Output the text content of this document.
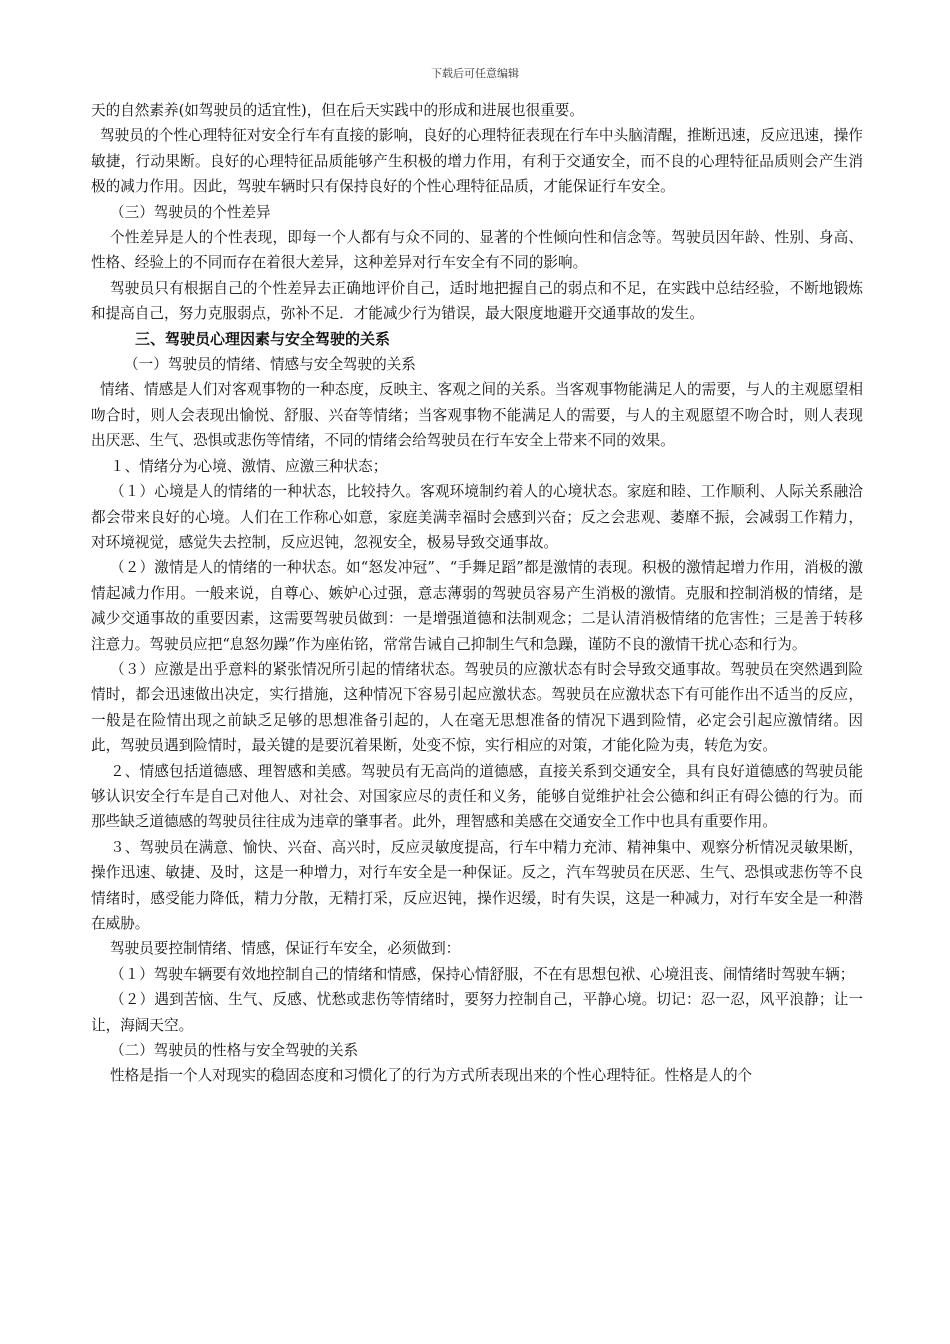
下载后可任意编辑

天的自然素养(如驾驶员的适宜性)，但在后天实践中的形成和进展也很重要。

驾驶员的个性心理特征对安全行车有直接的影响，良好的心理特征表现在行车中头脑清醒，推断迅速，反应迅速，操作敏捷，行动果断。良好的心理特征品质能够产生积极的增力作用，有利于交通安全，而不良的心理特征品质则会产生消极的减力作用。因此，驾驶车辆时只有保持良好的个性心理特征品质，才能保证行车安全。

（三）驾驶员的个性差异

个性差异是人的个性表现，即每一个人都有与众不同的、显著的个性倾向性和信念等。驾驶员因年龄、性别、身高、性格、经验上的不同而存在着很大差异，这种差异对行车安全有不同的影响。

驾驶员只有根据自己的个性差异去正确地评价自己，适时地把握自己的弱点和不足，在实践中总结经验，不断地锻炼和提高自己，努力克服弱点，弥补不足．才能减少行为错误，最大限度地避开交通事故的发生。

三、驾驶员心理因素与安全驾驶的关系

（一）驾驶员的情绪、情感与安全驾驶的关系

情绪、情感是人们对客观事物的一种态度，反映主、客观之间的关系。当客观事物能满足人的需要，与人的主观愿望相吻合时，则人会表现出愉悦、舒服、兴奋等情绪；当客观事物不能满足人的需要，与人的主观愿望不吻合时，则人表现出厌恶、生气、恐惧或悲伤等情绪，不同的情绪会给驾驶员在行车安全上带来不同的效果。

１、情绪分为心境、激情、应激三种状态；

（１）心境是人的情绪的一种状态，比较持久。客观环境制约着人的心境状态。家庭和睦、工作顺利、人际关系融洽都会带来良好的心境。人们在工作称心如意，家庭美满幸福时会感到兴奋；反之会悲观、萎靡不振，会减弱工作精力，对环境视觉，感觉失去控制，反应迟钝，忽视安全，极易导致交通事故。

（２）激情是人的情绪的一种状态。如“怒发冲冠”、“手舞足蹈”都是激情的表现。积极的激情起增力作用，消极的激情起减力作用。一般来说，自尊心、嫉妒心过强，意志薄弱的驾驶员容易产生消极的激情。克服和控制消极的情绪，是减少交通事故的重要因素，这需要驾驶员做到：一是增强道德和法制观念；二是认清消极情绪的危害性；三是善于转移注意力。驾驶员应把“息怒勿躁”作为座佑铭，常常告诫自己抑制生气和急躁，谨防不良的激情干扰心态和行为。

（３）应激是出乎意料的紧张情况所引起的情绪状态。驾驶员的应激状态有时会导致交通事故。驾驶员在突然遇到险情时，都会迅速做出决定，实行措施，这种情况下容易引起应激状态。驾驶员在应激状态下有可能作出不适当的反应，一般是在险情出现之前缺乏足够的思想准备引起的，人在毫无思想准备的情况下遇到险情，必定会引起应激情绪。因此，驾驶员遇到险情时，最关键的是要沉着果断，处变不惊，实行相应的对策，才能化险为夷，转危为安。

２、情感包括道德感、理智感和美感。驾驶员有无高尚的道德感，直接关系到交通安全，具有良好道德感的驾驶员能够认识安全行车是自己对他人、对社会、对国家应尽的责任和义务，能够自觉维护社会公德和纠正有碍公德的行为。而那些缺乏道德感的驾驶员往往成为违章的肇事者。此外，理智感和美感在交通安全工作中也具有重要作用。

３、驾驶员在满意、愉快、兴奋、高兴时，反应灵敏度提高，行车中精力充沛、精神集中、观察分析情况灵敏果断，操作迅速、敏捷、及时，这是一种增力，对行车安全是一种保证。反之，汽车驾驶员在厌恶、生气、恐惧或悲伤等不良情绪时，感受能力降低，精力分散，无精打采，反应迟钝，操作迟缓，时有失误，这是一种减力，对行车安全是一种潜在威胁。

驾驶员要控制情绪、情感，保证行车安全，必须做到：

（１）驾驶车辆要有效地控制自己的情绪和情感，保持心情舒服，不在有思想包袱、心境沮丧、闹情绪时驾驶车辆；

（２）遇到苦恼、生气、反感、忧愁或悲伤等情绪时，要努力控制自己，平静心境。切记：忍一忍，风平浪静；让一让，海阔天空。

（二）驾驶员的性格与安全驾驶的关系

性格是指一个人对现实的稳固态度和习惯化了的行为方式所表现出来的个性心理特征。性格是人的个
